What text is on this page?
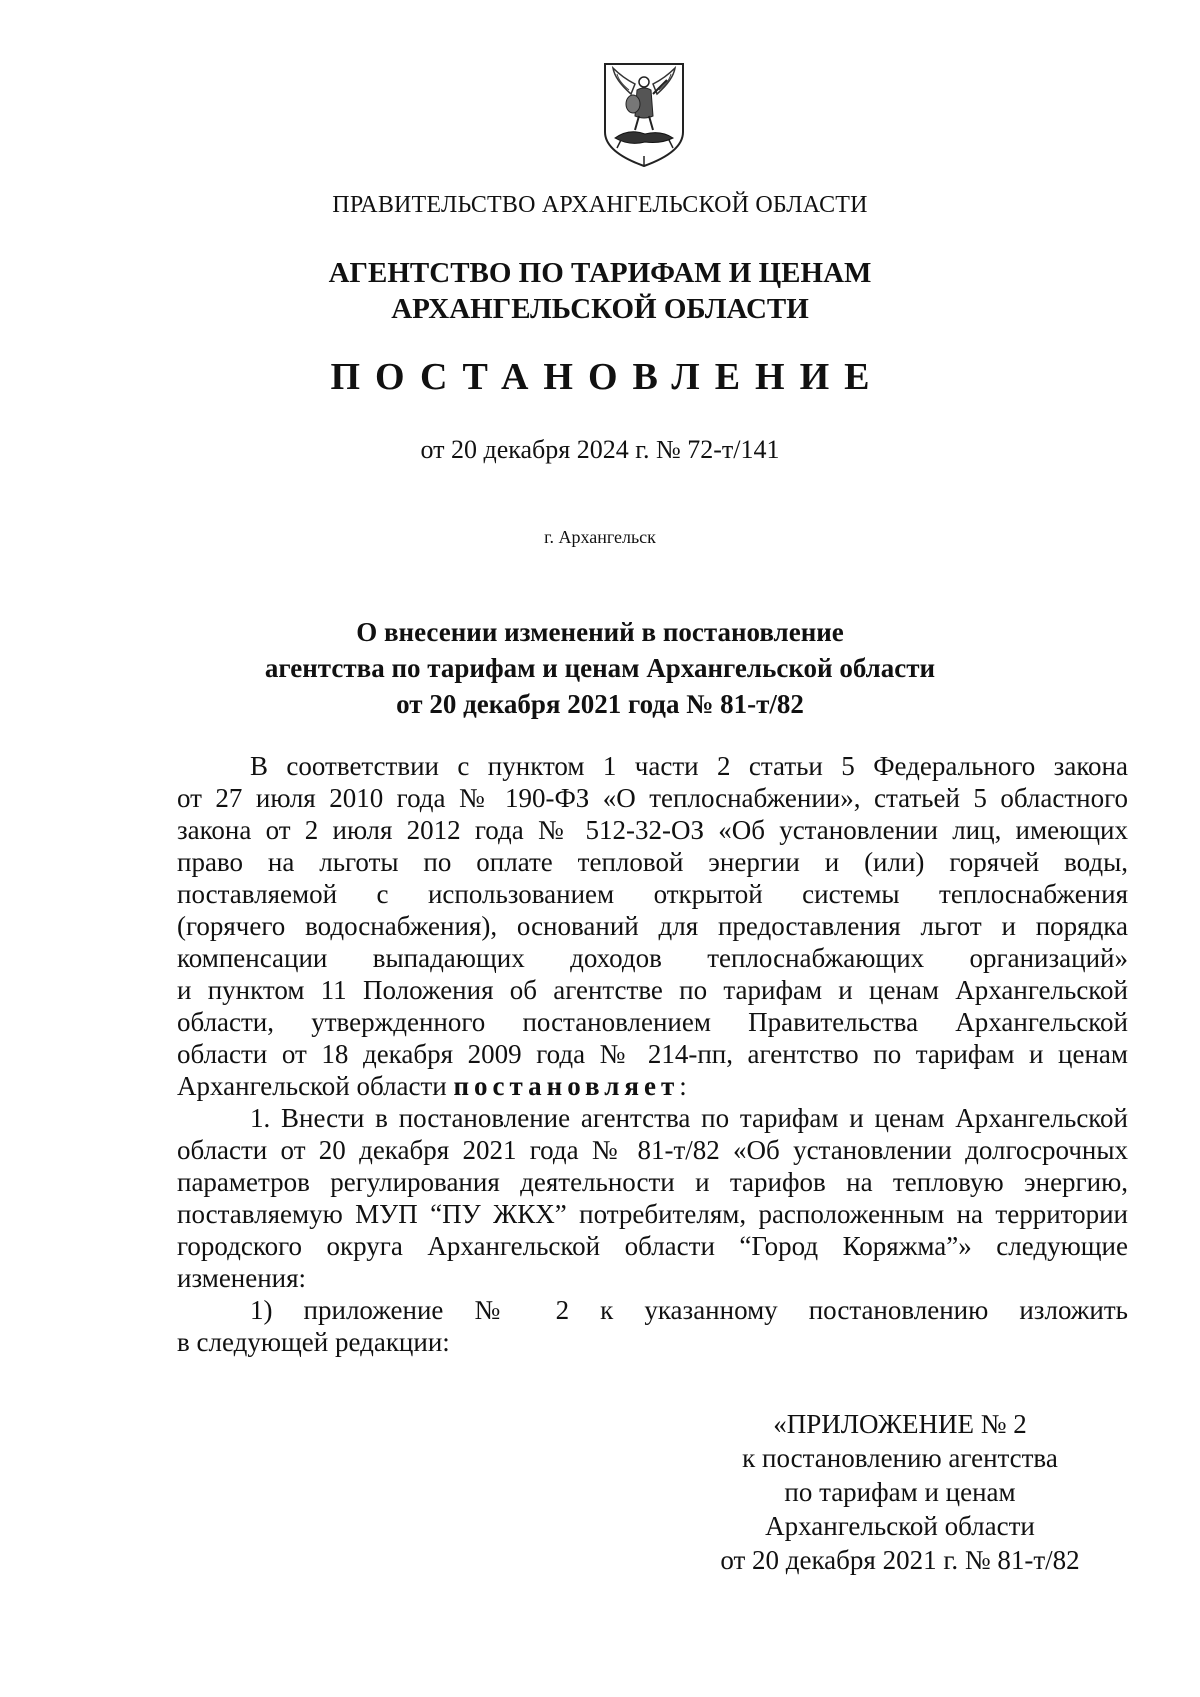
ПРАВИТЕЛЬСТВО АРХАНГЕЛЬСКОЙ ОБЛАСТИ
АГЕНТСТВО ПО ТАРИФАМ И ЦЕНАМ
АРХАНГЕЛЬСКОЙ ОБЛАСТИ
ПОСТАНОВЛЕНИЕ
от 20 декабря 2024 г. № 72-т/141
г. Архангельск
О внесении изменений в постановление
агентства по тарифам и ценам Архангельской области
от 20 декабря 2021 года № 81-т/82
В соответствии с пунктом 1 части 2 статьи 5 Федерального закона
от 27 июля 2010 года № 190-ФЗ «О теплоснабжении», статьей 5 областного
закона от 2 июля 2012 года № 512-32-ОЗ «Об установлении лиц, имеющих
право на льготы по оплате тепловой энергии и (или) горячей воды,
поставляемой с использованием открытой системы теплоснабжения
(горячего водоснабжения), оснований для предоставления льгот и порядка
компенсации выпадающих доходов теплоснабжающих организаций»
и пунктом 11 Положения об агентстве по тарифам и ценам Архангельской
области, утвержденного постановлением Правительства Архангельской
области от 18 декабря 2009 года № 214-пп, агентство по тарифам и ценам
Архангельской области постановляет:
1. Внести в постановление агентства по тарифам и ценам Архангельской
области от 20 декабря 2021 года № 81-т/82 «Об установлении долгосрочных
параметров регулирования деятельности и тарифов на тепловую энергию,
поставляемую МУП “ПУ ЖКХ” потребителям, расположенным на территории
городского округа Архангельской области “Город Коряжма”» следующие
изменения:
1) приложение № 2 к указанному постановлению изложить
в следующей редакции:
«ПРИЛОЖЕНИЕ № 2
к постановлению агентства
по тарифам и ценам
Архангельской области
от 20 декабря 2021 г. № 81-т/82
